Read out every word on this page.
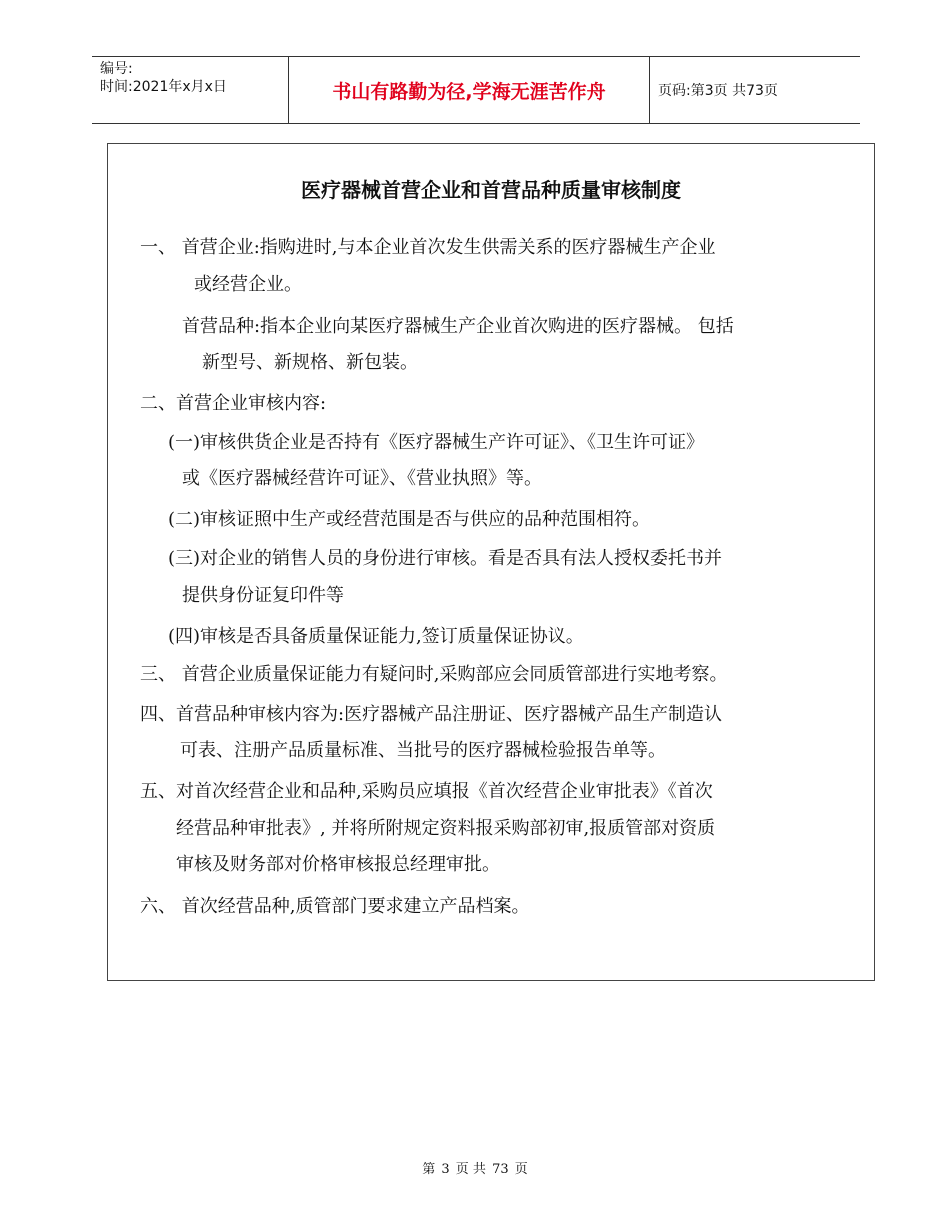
编号:
时间:2021年x月x日	书山有路勤为径,学海无涯苦作舟	页码:第3页 共73页
医疗器械首营企业和首营品种质量审核制度
一、 首营企业:指购进时,与本企业首次发生供需关系的医疗器械生产企业
或经营企业。
首营品种:指本企业向某医疗器械生产企业首次购进的医疗器械。 包括
新型号、新规格、新包装。
二、首营企业审核内容:
(一)审核供货企业是否持有《医疗器械生产许可证》、《卫生许可证》
或《医疗器械经营许可证》、《营业执照》等。
(二)审核证照中生产或经营范围是否与供应的品种范围相符。
(三)对企业的销售人员的身份进行审核。看是否具有法人授权委托书并
提供身份证复印件等
(四)审核是否具备质量保证能力,签订质量保证协议。
三、 首营企业质量保证能力有疑问时,采购部应会同质管部进行实地考察。
四、首营品种审核内容为:医疗器械产品注册证、医疗器械产品生产制造认
可表、注册产品质量标准、当批号的医疗器械检验报告单等。
五、对首次经营企业和品种,采购员应填报《首次经营企业审批表》《首次
经营品种审批表》, 并将所附规定资料报采购部初审,报质管部对资质
审核及财务部对价格审核报总经理审批。
六、 首次经营品种,质管部门要求建立产品档案。
第 3 页 共 73 页
